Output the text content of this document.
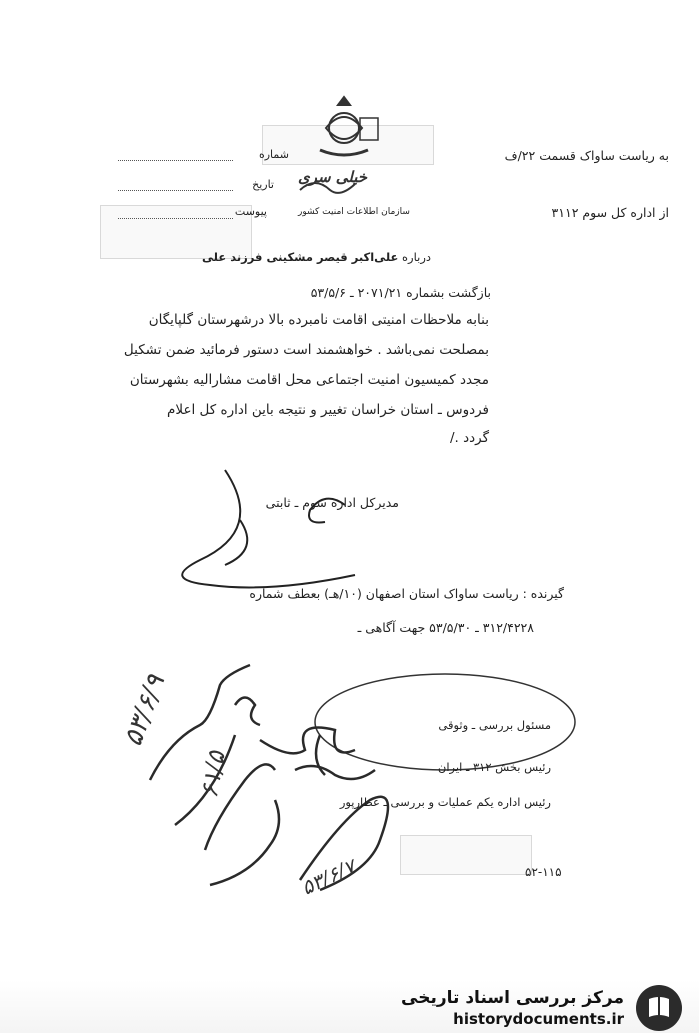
به ریاست ساواک قسمت ۲۲/ف
شماره
تاریخ خیلی سری
از اداره کل سوم ۳۱۱۲
سازمان اطلاعات امنیت کشور
پیوست
درباره علی‌اکبر قیصر مشکینی فرزند علی
بازگشت بشماره ۲۰۷۱/۲۱ ـ ۵۳/۵/۶
بنابه ملاحظات امنیتی اقامت نامبرده بالا درشهرستان گلپایگان
بمصلحت نمی‌باشد . خواهشمند است دستور فرمائید ضمن تشکیل
مجدد کمیسیون امنیت اجتماعی محل اقامت مشارالیه بشهرستان
فردوس ـ استان خراسان تغییر و نتیجه باین اداره کل اعلام
گردد ./
مدیرکل اداره سوم ـ ثابتی
گیرنده : ریاست ساواک استان اصفهان (۱۰/هـ) بعطف شماره
۳۱۲/۴۲۲۸ ـ ۵۳/۵/۳۰ جهت آگاهی ـ
مسئول بررسی ـ وثوقی
رئیس بخش ۳۱۲ ـ ایران
رئیس اداره یکم عملیات و بررسی ـ عطارپور
۵۳/۶/۹
۶۱/۵
۵۳/۶/۷	۵۲-۱۱۵
مرکز بررسی اسناد تاریخی
historydocuments.ir
